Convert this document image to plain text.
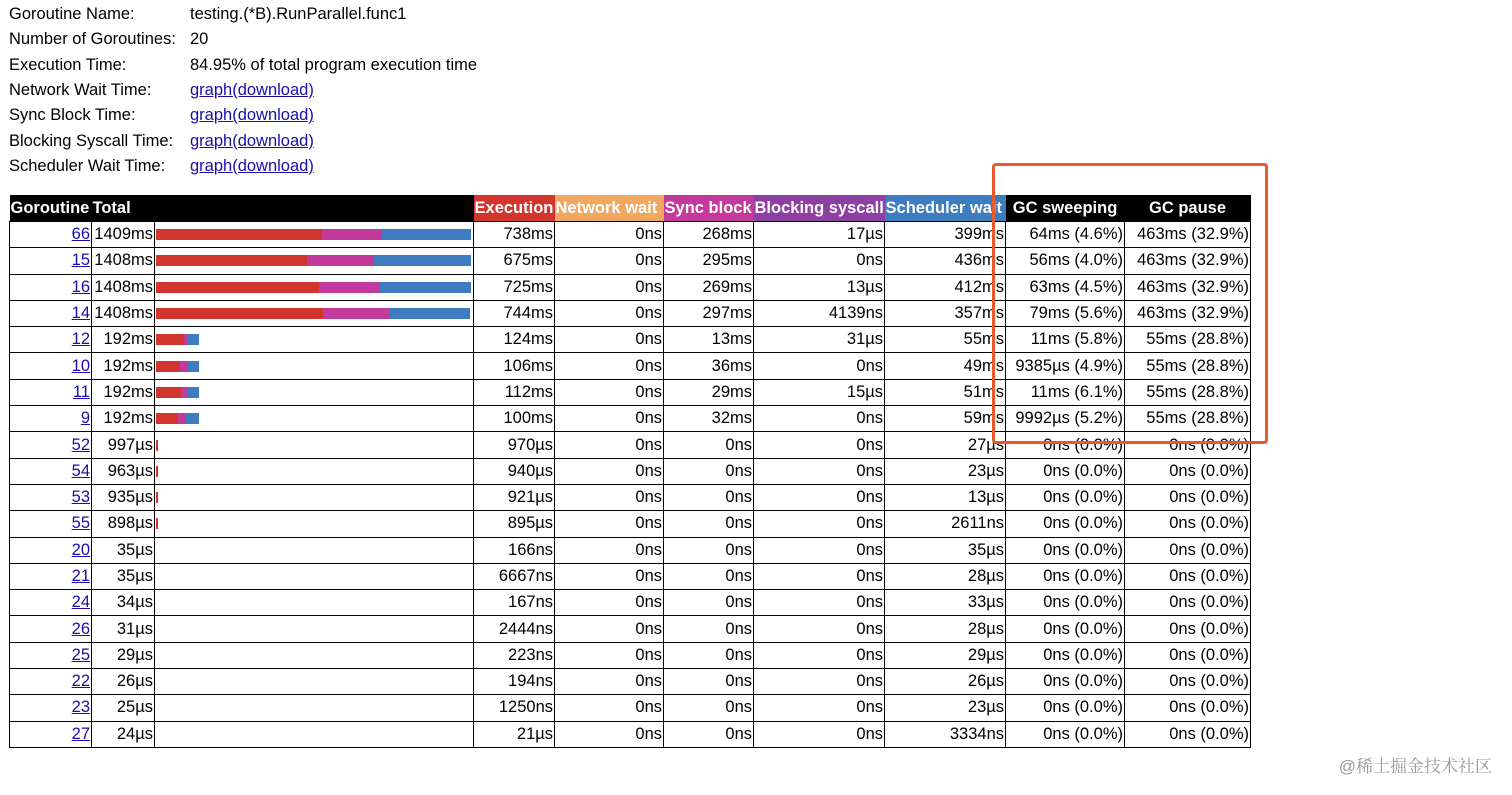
Goroutine Name:	testing.(*B).RunParallel.func1
Number of Goroutines: 20
Execution Time:	84.95% of total program execution time
Network Wait Time:	graph(download)
Sync Block Time:	graph(download)
Blocking Syscall Time:	graph(download)
Scheduler Wait Time:	graph(download)
Goroutine	Total		Execution	Network wait	Sync block	Blocking syscall	Scheduler wait	GC sweeping	GC pause
66	1409ms		738ms	0ns	268ms	17µs	399ms	64ms (4.6%)	463ms (32.9%)
15	1408ms		675ms	0ns	295ms	0ns	436ms	56ms (4.0%)	463ms (32.9%)
16	1408ms		725ms	0ns	269ms	13µs	412ms	63ms (4.5%)	463ms (32.9%)
14	1408ms		744ms	0ns	297ms	4139ns	357ms	79ms (5.6%)	463ms (32.9%)
12	192ms		124ms	0ns	13ms	31µs	55ms	11ms (5.8%)	55ms (28.8%)
10	192ms		106ms	0ns	36ms	0ns	49ms	9385µs (4.9%)	55ms (28.8%)
11	192ms		112ms	0ns	29ms	15µs	51ms	11ms (6.1%)	55ms (28.8%)
9	192ms		100ms	0ns	32ms	0ns	59ms	9992µs (5.2%)	55ms (28.8%)
52	997µs		970µs	0ns	0ns	0ns	27µs	0ns (0.0%)	0ns (0.0%)
54	963µs		940µs	0ns	0ns	0ns	23µs	0ns (0.0%)	0ns (0.0%)
53	935µs		921µs	0ns	0ns	0ns	13µs	0ns (0.0%)	0ns (0.0%)
55	898µs		895µs	0ns	0ns	0ns	2611ns	0ns (0.0%)	0ns (0.0%)
20	35µs		166ns	0ns	0ns	0ns	35µs	0ns (0.0%)	0ns (0.0%)
21	35µs		6667ns	0ns	0ns	0ns	28µs	0ns (0.0%)	0ns (0.0%)
24	34µs		167ns	0ns	0ns	0ns	33µs	0ns (0.0%)	0ns (0.0%)
26	31µs		2444ns	0ns	0ns	0ns	28µs	0ns (0.0%)	0ns (0.0%)
25	29µs		223ns	0ns	0ns	0ns	29µs	0ns (0.0%)	0ns (0.0%)
22	26µs		194ns	0ns	0ns	0ns	26µs	0ns (0.0%)	0ns (0.0%)
23	25µs		1250ns	0ns	0ns	0ns	23µs	0ns (0.0%)	0ns (0.0%)
27	24µs		21µs	0ns	0ns	0ns	3334ns	0ns (0.0%)	0ns (0.0%)
@稀土掘金技术社区
